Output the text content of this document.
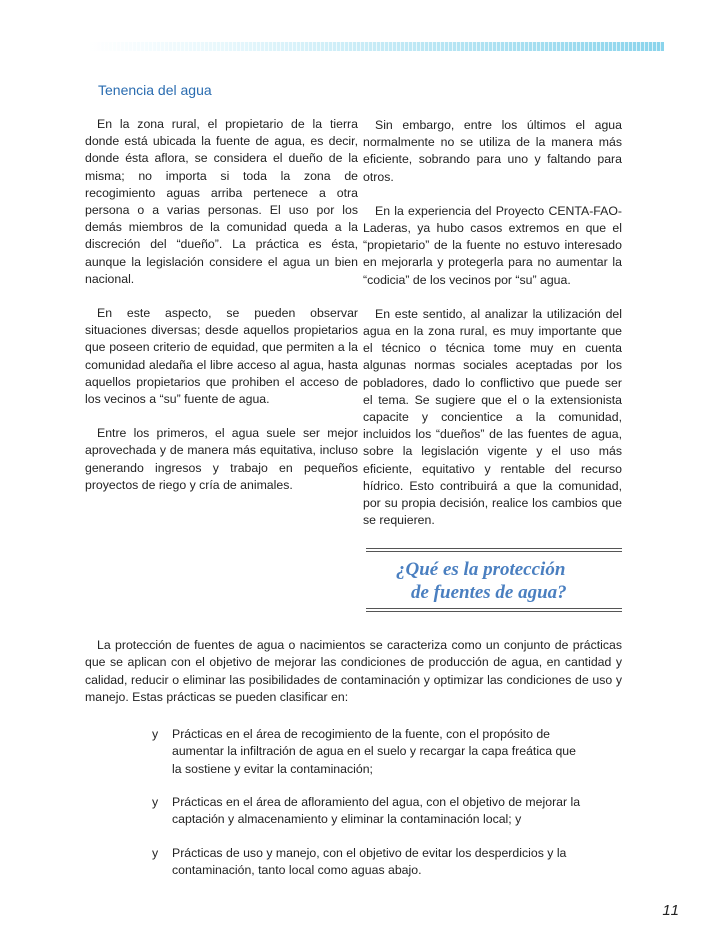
Tenencia del agua

En la zona rural, el propietario de la tierra donde está ubicada la fuente de agua, es decir, donde ésta aflora, se considera el dueño de la misma; no importa si toda la zona de recogimiento aguas arriba pertenece a otra persona o a varias personas. El uso por los demás miembros de la comunidad queda a la discreción del “dueño”. La práctica es ésta, aunque la legislación considere el agua un bien nacional.

En este aspecto, se pueden observar situaciones diversas; desde aquellos propietarios que poseen criterio de equidad, que permiten a la comunidad aledaña el libre acceso al agua, hasta aquellos propietarios que prohiben el acceso de los vecinos a “su” fuente de agua.

Entre los primeros, el agua suele ser mejor aprovechada y de manera más equitativa, incluso generando ingresos y trabajo en pequeños proyectos de riego y cría de animales.

Sin embargo, entre los últimos el agua normalmente no se utiliza de la manera más eficiente, sobrando para uno y faltando para otros.

En la experiencia del Proyecto CENTA-FAO-Laderas, ya hubo casos extremos en que el “propietario” de la fuente no estuvo interesado en mejorarla y protegerla para no aumentar la “codicia” de los vecinos por “su” agua.

En este sentido, al analizar la utilización del agua en la zona rural, es muy importante que el técnico o técnica tome muy en cuenta algunas normas sociales aceptadas por los pobladores, dado lo conflictivo que puede ser el tema. Se sugiere que el o la extensionista capacite y concientice a la comunidad, incluidos los “dueños” de las fuentes de agua, sobre la legislación vigente y el uso más eficiente, equitativo y rentable del recurso hídrico. Esto contribuirá a que la comunidad, por su propia decisión, realice los cambios que se requieren.

¿Qué es la protección
de fuentes de agua?

La protección de fuentes de agua o nacimientos se caracteriza como un conjunto de prácticas que se aplican con el objetivo de mejorar las condiciones de producción de agua, en cantidad y calidad, reducir o eliminar las posibilidades de contaminación y optimizar las condiciones de uso y manejo. Estas prácticas se pueden clasificar en:

y Prácticas en el área de recogimiento de la fuente, con el propósito de aumentar la infiltración de agua en el suelo y recargar la capa freática que la sostiene y evitar la contaminación;
y Prácticas en el área de afloramiento del agua, con el objetivo de mejorar la captación y almacenamiento y eliminar la contaminación local; y
y Prácticas de uso y manejo, con el objetivo de evitar los desperdicios y la contaminación, tanto local como aguas abajo.
11
